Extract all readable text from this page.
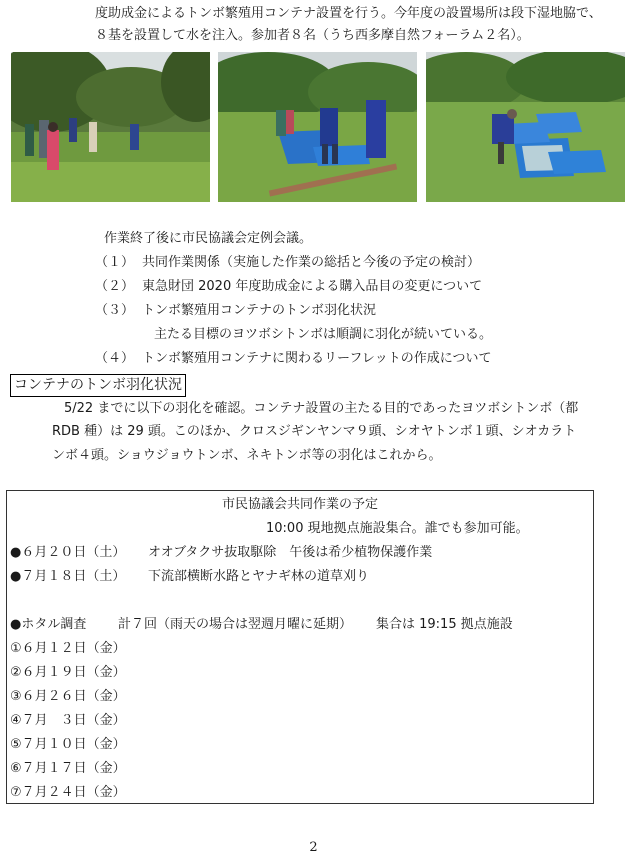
度助成金によるトンボ繁殖用コンテナ設置を行う。今年度の設置場所は段下湿地脇で、
８基を設置して水を注入。参加者８名（うち西多摩自然フォーラム２名）。
作業終了後に市民協議会定例会議。
（１） 共同作業関係（実施した作業の総括と今後の予定の検討）
（２） 東急財団 2020 年度助成金による購入品目の変更について
（３） トンボ繁殖用コンテナのトンボ羽化状況
主たる目標のヨツボシトンボは順調に羽化が続いている。
（４） トンボ繁殖用コンテナに関わるリーフレットの作成について
コンテナのトンボ羽化状況
5/22 までに以下の羽化を確認。コンテナ設置の主たる目的であったヨツボシトンボ（都
RDB 種）は 29 頭。このほか、クロスジギンヤンマ９頭、シオヤトンボ１頭、シオカラト
ンボ４頭。ショウジョウトンボ、ネキトンボ等の羽化はこれから。
市民協議会共同作業の予定
10:00 現地拠点施設集合。誰でも参加可能。
●６月２０日（土） オオブタクサ抜取駆除　午後は希少植物保護作業
●７月１８日（土） 下流部横断水路とヤナギ林の道草刈り
●ホタル調査 計７回（雨天の場合は翌週月曜に延期） 集合は 19:15 拠点施設
①６月１２日（金）
②６月１９日（金）
③６月２６日（金）
④７月　３日（金）
⑤７月１０日（金）
⑥７月１７日（金）
⑦７月２４日（金）
2
